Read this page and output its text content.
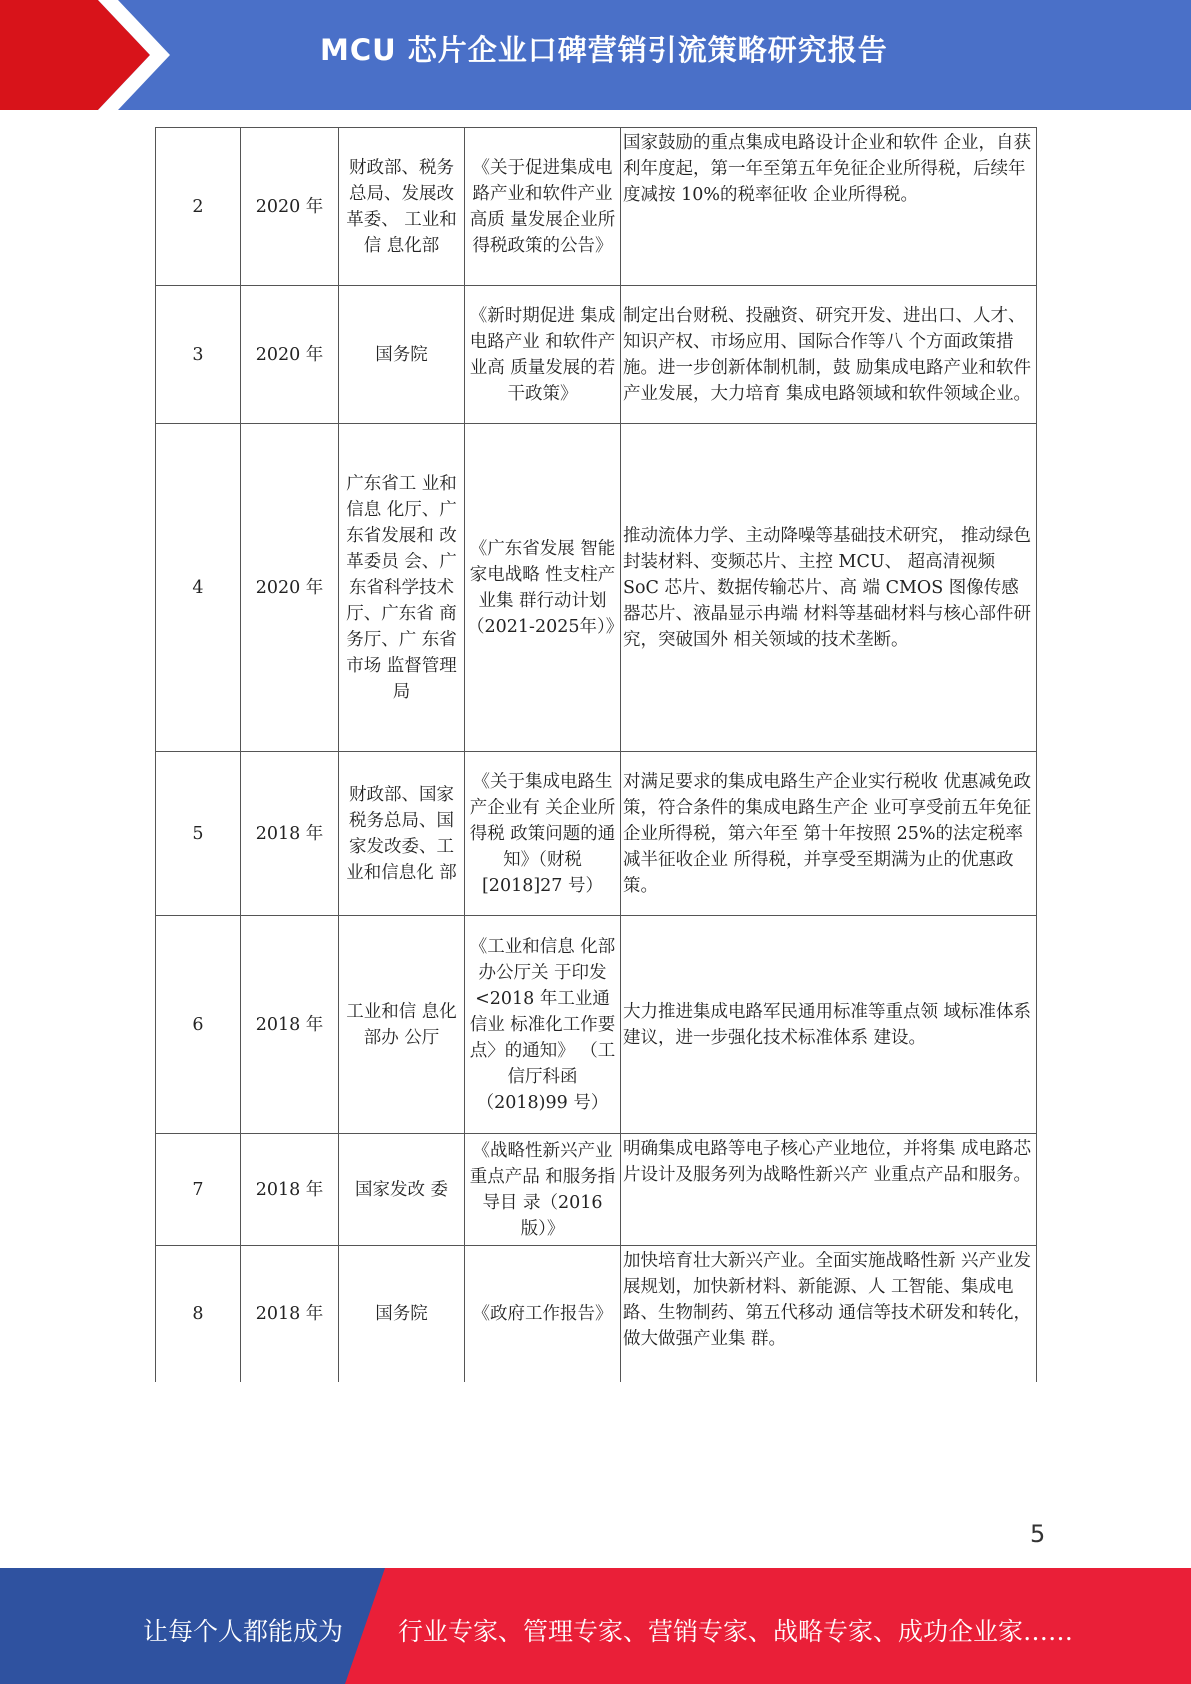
MCU 芯片企业口碑营销引流策略研究报告
2	2020 年	财政部、税务总局、发展改革委、 工业和信 息化部	《关于促进集成电路产业和软件产业高质 量发展企业所 得税政策的公告》	国家鼓励的重点集成电路设计企业和软件 企业，自获利年度起，第一年至第五年免征企业所得税，后续年度减按 10%的税率征收 企业所得税。
3	2020 年	国务院	《新时期促进 集成电路产业 和软件产业高 质量发展的若 干政策》	制定出台财税、投融资、研究开发、进出口、人才、知识产权、市场应用、国际合作等八 个方面政策措施。进一步创新体制机制，鼓 励集成电路产业和软件产业发展，大力培育 集成电路领域和软件领域企业。
4	2020 年	广东省工 业和信息 化厅、广东省发展和 改革委员 会、广东省科学技术 厅、广东省 商务厅、广 东省市场 监督管理 局	《广东省发展 智能家电战略 性支柱产业集 群行动计划（2021-2025年）》	推动流体力学、主动降噪等基础技术研究， 推动绿色封装材料、变频芯片、主控 MCU、 超高清视频 SoC 芯片、数据传输芯片、高 端 CMOS 图像传感器芯片、液晶显示冉端 材料等基础材料与核心部件研究，突破国外 相关领域的技术垄断。
5	2018 年	财政部、国家税务总局、国家发改委、工业和信息化 部	《关于集成电路生产企业有 关企业所得税 政策问题的通 知》（财税[2018]27 号）	对满足要求的集成电路生产企业实行税收 优惠减免政策，符合条件的集成电路生产企 业可享受前五年免征企业所得税，第六年至 第十年按照 25%的法定税率减半征收企业 所得税，并享受至期满为止的优惠政策。
6	2018 年	工业和信 息化部办 公厅	《工业和信息 化部办公厅关 于印发<2018 年工业通信业 标准化工作要 点〉的通知》 （工信厅科函 （2018)99 号）	大力推进集成电路军民通用标准等重点领 域标准体系建议，进一步强化技术标准体系 建设。
7	2018 年	国家发改 委	《战略性新兴产业重点产品 和服务指导目 录（2016 版）》	明确集成电路等电子核心产业地位，并将集 成电路芯片设计及服务列为战略性新兴产 业重点产品和服务。
8	2018 年	国务院	《政府工作报告》	加快培育壮大新兴产业。全面实施战略性新 兴产业发展规划，加快新材料、新能源、人 工智能、集成电路、生物制药、第五代移动 通信等技术研发和转化，做大做强产业集 群。
5
让每个人都能成为 行业专家、管理专家、营销专家、战略专家、成功企业家……
